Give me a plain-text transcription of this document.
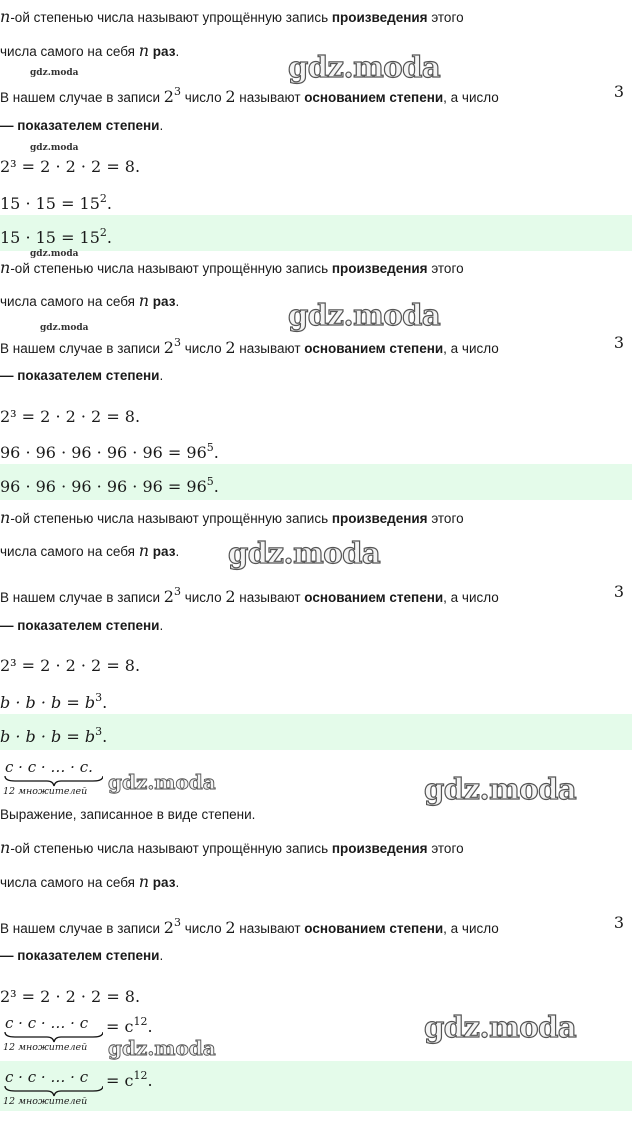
n-ой степенью числа называют упрощённую запись произведения этого
числа самого на себя n раз.
gdz.moda	gdz.moda
В нашем случае в записи $2^3$ число 2 называют основанием степени, а число	3
— показателем степени.
gdz.moda
2³ = 2 · 2 · 2 = 8.
$15 \cdot 15 = 15^2$.
$15 \cdot 15 = 15^2$.
gdz.moda
n-ой степенью числа называют упрощённую запись произведения этого
числа самого на себя n раз.
gdz.moda	gdz.moda
В нашем случае в записи $2^3$ число 2 называют основанием степени, а число	3
— показателем степени.
2³ = 2 · 2 · 2 = 8.
$96 \cdot 96 \cdot 96 \cdot 96 \cdot 96 = 96^5$.
$96 \cdot 96 \cdot 96 \cdot 96 \cdot 96 = 96^5$.
n-ой степенью числа называют упрощённую запись произведения этого
числа самого на себя n раз.	gdz.moda
В нашем случае в записи $2^3$ число 2 называют основанием степени, а число	3
— показателем степени.
2³ = 2 · 2 · 2 = 8.
$b \cdot b \cdot b = b^3$.
$b \cdot b \cdot b = b^3$.
c · c · … · c.
12 множителей gdz.moda	gdz.moda
Выражение, записанное в виде степени.
n-ой степенью числа называют упрощённую запись произведения этого
числа самого на себя n раз.
В нашем случае в записи $2^3$ число 2 называют основанием степени, а число	3
— показателем степени.
2³ = 2 · 2 · 2 = 8.
c · c · … · c
12 множителей
= $c^{12}$.	gdz.moda
gdz.moda
c · c · … · c
12 множителей
= $c^{12}$.
